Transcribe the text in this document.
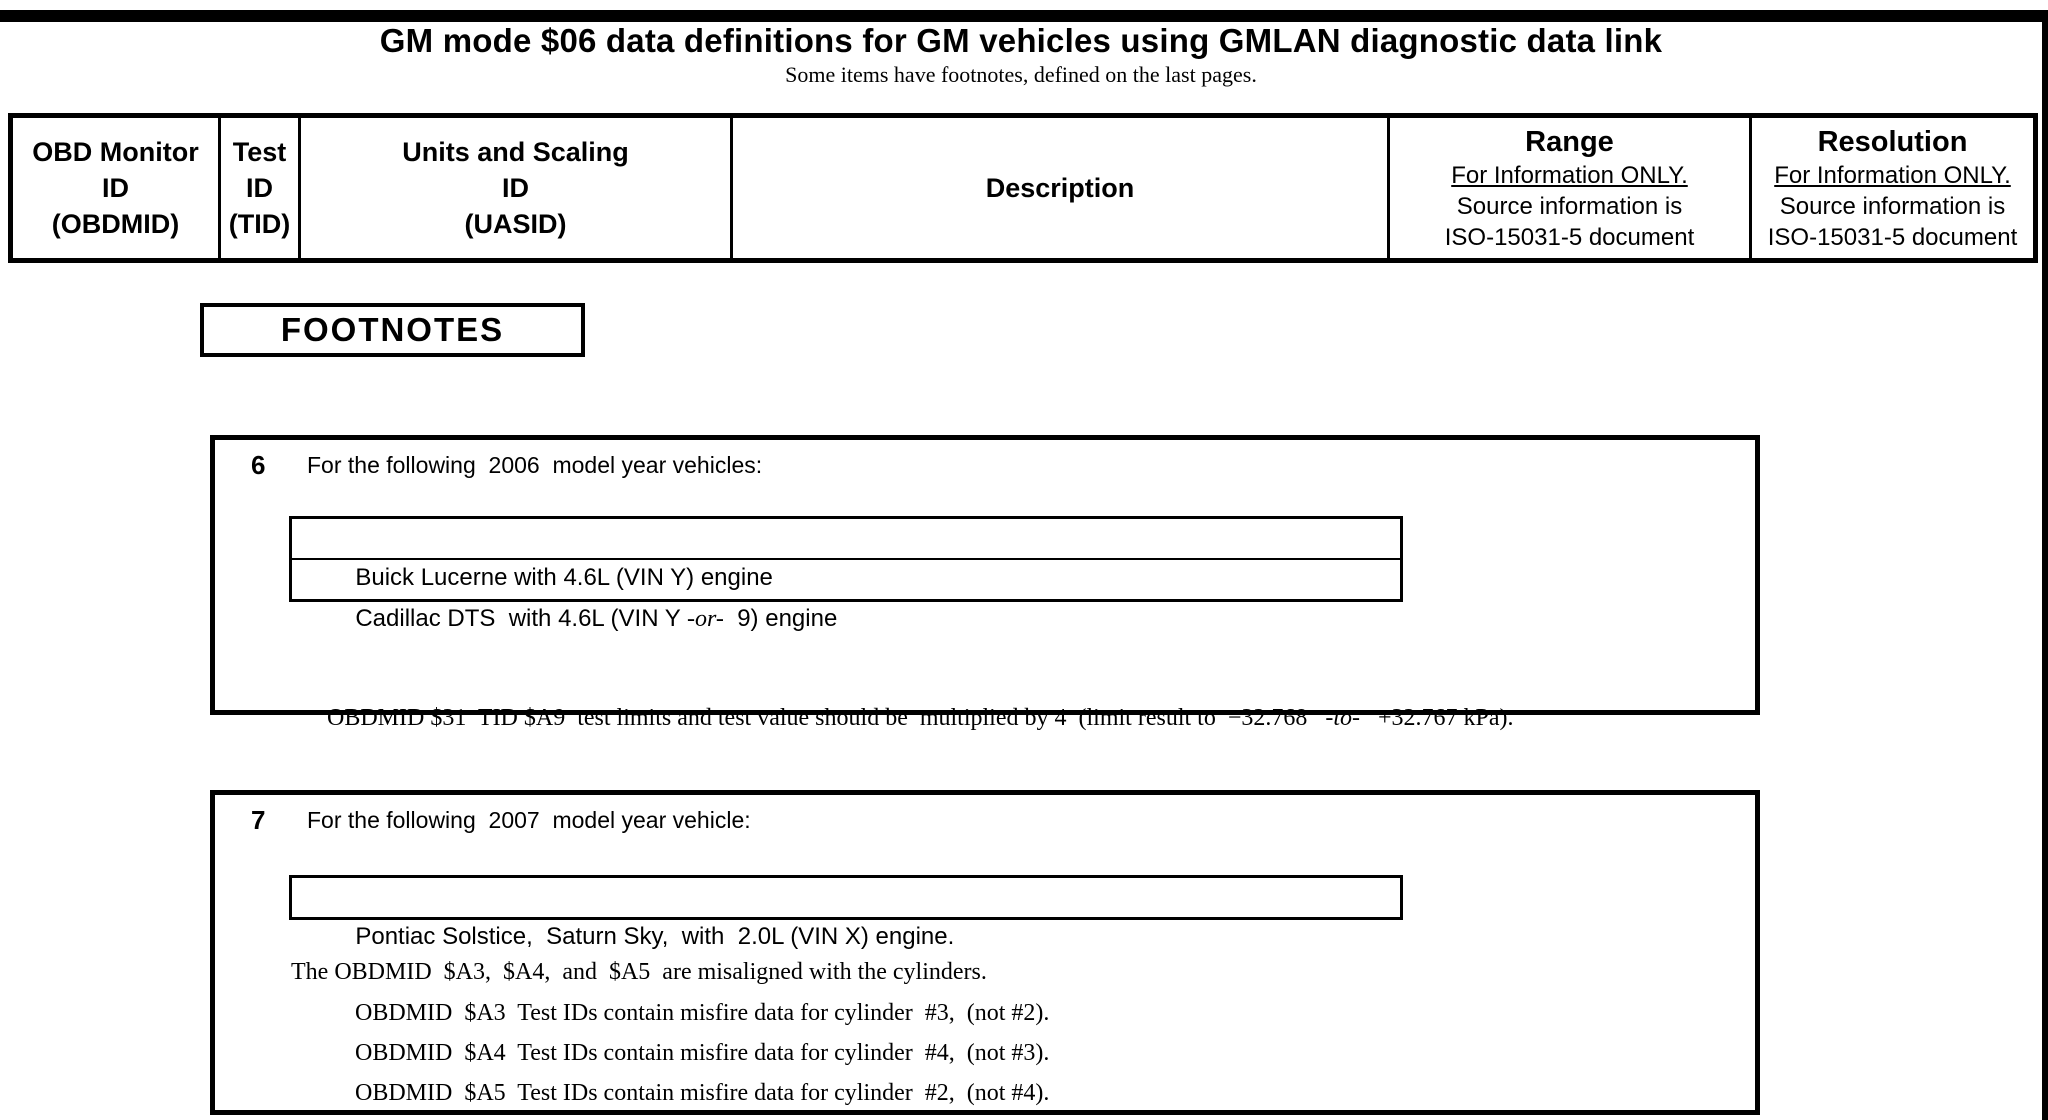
GM mode $06 data definitions for GM vehicles using GMLAN diagnostic data link
Some items have footnotes, defined on the last pages.
OBD Monitor
ID
(OBDMID)
Test
ID
(TID)
Units and Scaling
ID
(UASID)
Description
Range
For Information ONLY.
Source information is
ISO-15031-5 document
Resolution
For Information ONLY.
Source information is
ISO-15031-5 document
FOOTNOTES
6 For the following  2006  model year vehicles:

Buick Lucerne with 4.6L (VIN Y) engine

Cadillac DTS  with 4.6L (VIN Y -or-  9) engine

OBDMID $31  TID $A9  test limits and test value should be  multiplied by 4  (limit result to  −32.768   -to-   +32.767 kPa).

7 For the following  2007  model year vehicle:

Pontiac Solstice,  Saturn Sky,  with  2.0L (VIN X) engine.

The OBDMID  $A3,  $A4,  and  $A5  are misaligned with the cylinders.
OBDMID  $A3  Test IDs contain misfire data for cylinder  #3,  (not #2).
OBDMID  $A4  Test IDs contain misfire data for cylinder  #4,  (not #3).
OBDMID  $A5  Test IDs contain misfire data for cylinder  #2,  (not #4).
